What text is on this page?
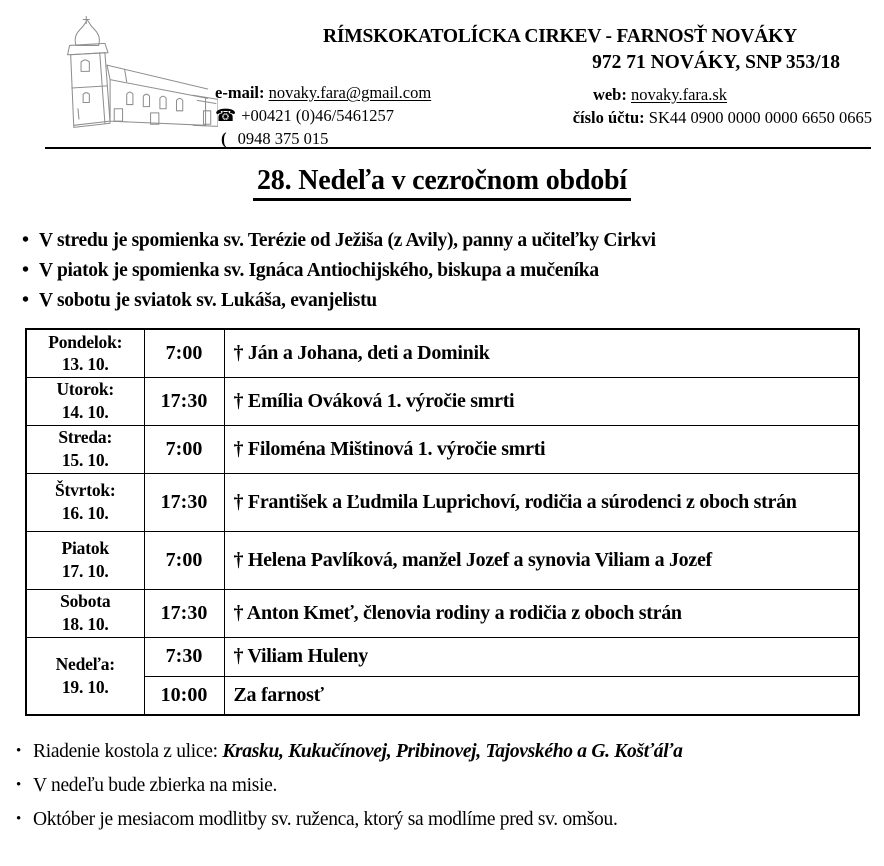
RÍMSKOKATOLÍCKA CIRKEV - FARNOSŤ NOVÁKY
972 71 NOVÁKY, SNP 353/18
e-mail: novaky.fara@gmail.com	web: novaky.fara.sk
☎ +00421 (0)46/5461257	číslo účtu: SK44 0900 0000 0000 6650 0665
( 0948 375 015
28. Nedeľa v cezročnom období
• V stredu je spomienka sv. Terézie od Ježiša (z Avily), panny a učiteľky Cirkvi
• V piatok je spomienka sv. Ignáca Antiochijského, biskupa a mučeníka
• V sobotu je sviatok sv. Lukáša, evanjelistu
Pondelok:
13. 10.	7:00	† Ján a Johana, deti a Dominik

Utorok:
14. 10.	17:30	† Emília Ováková 1. výročie smrti

Streda:
15. 10.	7:00	† Filoména Mištinová 1. výročie smrti

Štvrtok:
16. 10.	17:30	† František a Ľudmila Luprichoví, rodičia a súrodenci z oboch strán

Piatok
17. 10.	7:00	† Helena Pavlíková, manžel Jozef a synovia Viliam a Jozef

Sobota
18. 10.	17:30	† Anton Kmeť, členovia rodiny a rodičia z oboch strán

Nedeľa:
19. 10.	7:30	† Viliam Huleny
	10:00	Za farnosť
• Riadenie kostola z ulice: Krasku, Kukučínovej, Pribinovej, Tajovského a G. Košťáľa
• V nedeľu bude zbierka na misie.
• Október je mesiacom modlitby sv. ruženca, ktorý sa modlíme pred sv. omšou.
